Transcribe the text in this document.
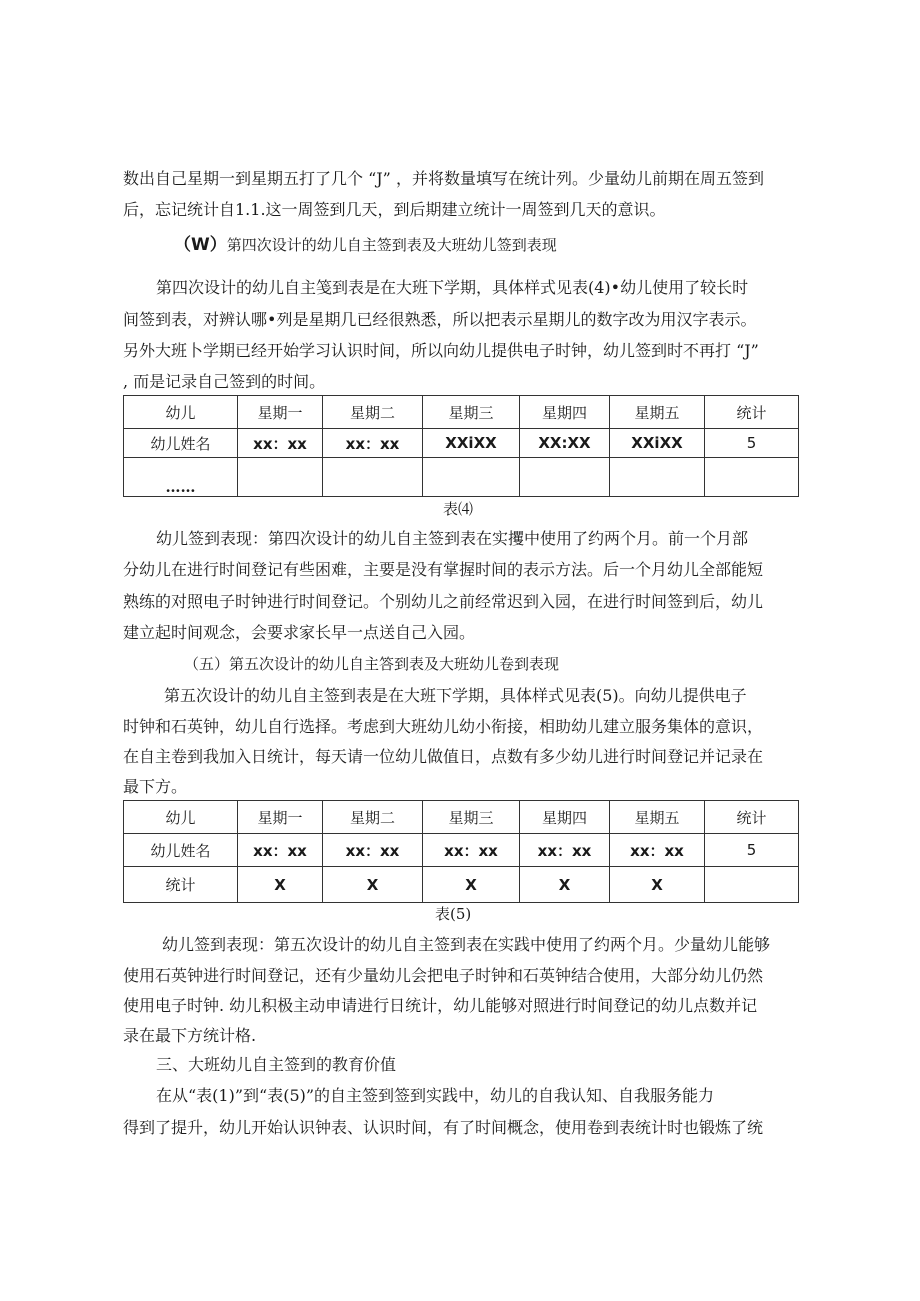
数出自己星期一到星期五打了几个 “J” ，并将数量填写在统计列。少量幼儿前期在周五签到
后，忘记统计自1.1.这一周签到几天，到后期建立统计一周签到几天的意识。
（W）第四次设计的幼儿自主签到表及大班幼儿签到表现
第四次设计的幼儿自主笺到表是在大班下学期，具体样式见表(4)•幼儿使用了较长时
间签到表，对辨认哪•列是星期几已经很熟悉，所以把表示星期儿的数字改为用汉字表示。
另外大班卜学期已经开始学习认识时间，所以向幼儿提供电子时钟，幼儿签到时不再打 “J”
, 而是记录自己签到的时间。
幼儿	星期一	星期二	星期三	星期四	星期五	统计
幼儿姓名	xx：xx	xx：xx	XXiXX	XX:XX	XXiXX	5
……						
表⑷
幼儿签到表现：第四次设计的幼儿自主签到表在实攫中使用了约两个月。前一个月部
分幼儿在进行时间登记有些困难，主要是没有掌握时间的表示方法。后一个月幼儿全部能短
熟练的对照电子时钟进行时间登记。个别幼儿之前经常迟到入园，在进行时间签到后，幼儿
建立起时间观念，会要求家长早一点送自己入园。
（五）第五次设计的幼儿自主答到表及大班幼儿卷到表现
第五次设计的幼儿自主签到表是在大班下学期，具体样式见表(5)。向幼儿提供电子
时钟和石英钟，幼儿自行选择。考虑到大班幼儿幼小衔接，相助幼儿建立服务集体的意识，
在自主卷到我加入日统计，每天请一位幼儿做值日，点数有多少幼儿进行时间登记并记录在
最下方。
幼儿	星期一	星期二	星期三	星期四	星期五	统计
幼儿姓名	xx：xx	xx：xx	xx：xx	xx：xx	xx：xx	5
统计	X	X	X	X	X	
表(5)
幼儿签到表现：第五次设计的幼儿自主签到表在实践中使用了约两个月。少量幼儿能够
使用石英钟进行时间登记，还有少量幼儿会把电子时钟和石英钟结合使用，大部分幼儿仍然
使用电子时钟. 幼儿积极主动申请进行日统计，幼儿能够对照进行时间登记的幼儿点数并记
录在最下方统计格.
三、大班幼儿自主签到的教育价值
在从“表(1)”到“表(5)”的自主签到签到实践中，幼儿的自我认知、自我服务能力
得到了提升，幼儿开始认识钟表、认识时间，有了时间概念，使用卷到表统计时也锻炼了统
